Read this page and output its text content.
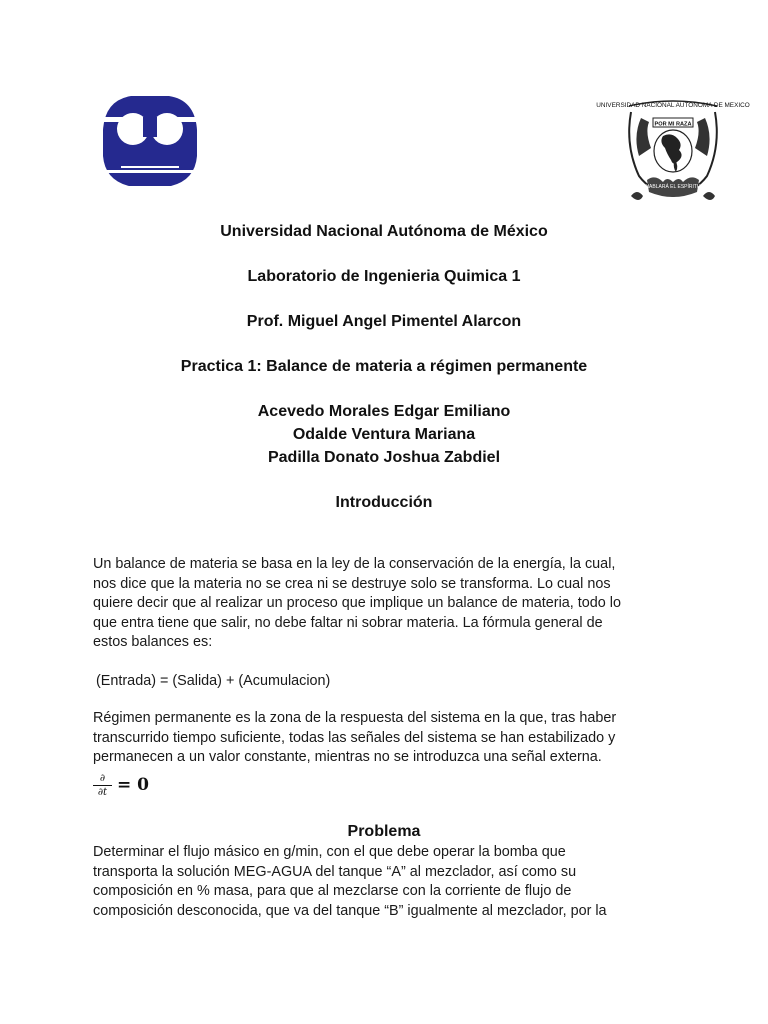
UNIVERSIDAD NACIONAL AUTONOMA DE MEXICO
POR MI RAZA
HABLARÁ EL ESPÍRITU
Universidad Nacional Autónoma de México
Laboratorio de Ingenieria Quimica 1
Prof. Miguel Angel Pimentel Alarcon
Practica 1: Balance de materia a régimen permanente
Acevedo Morales Edgar Emiliano
Odalde Ventura Mariana
Padilla Donato Joshua Zabdiel
Introducción
Un balance de materia se basa en la ley de la conservación de la energía, la cual,
nos dice que la materia no se crea ni se destruye solo se transforma. Lo cual nos
quiere decir que al realizar un proceso que implique un balance de materia, todo lo
que entra tiene que salir, no debe faltar ni sobrar materia. La fórmula general de
estos balances es:
(Entrada) = (Salida) + (Acumulacion)
Régimen permanente es la zona de la respuesta del sistema en la que, tras haber
transcurrido tiempo suficiente, todas las señales del sistema se han estabilizado y
permanecen a un valor constante, mientras no se introduzca una señal externa.
$\frac{\partial}{\partial t} = 0$
Problema
Determinar el flujo másico en g/min, con el que debe operar la bomba que
transporta la solución MEG-AGUA del tanque “A” al mezclador, así como su
composición en % masa, para que al mezclarse con la corriente de flujo de
composición desconocida, que va del tanque “B” igualmente al mezclador, por la
